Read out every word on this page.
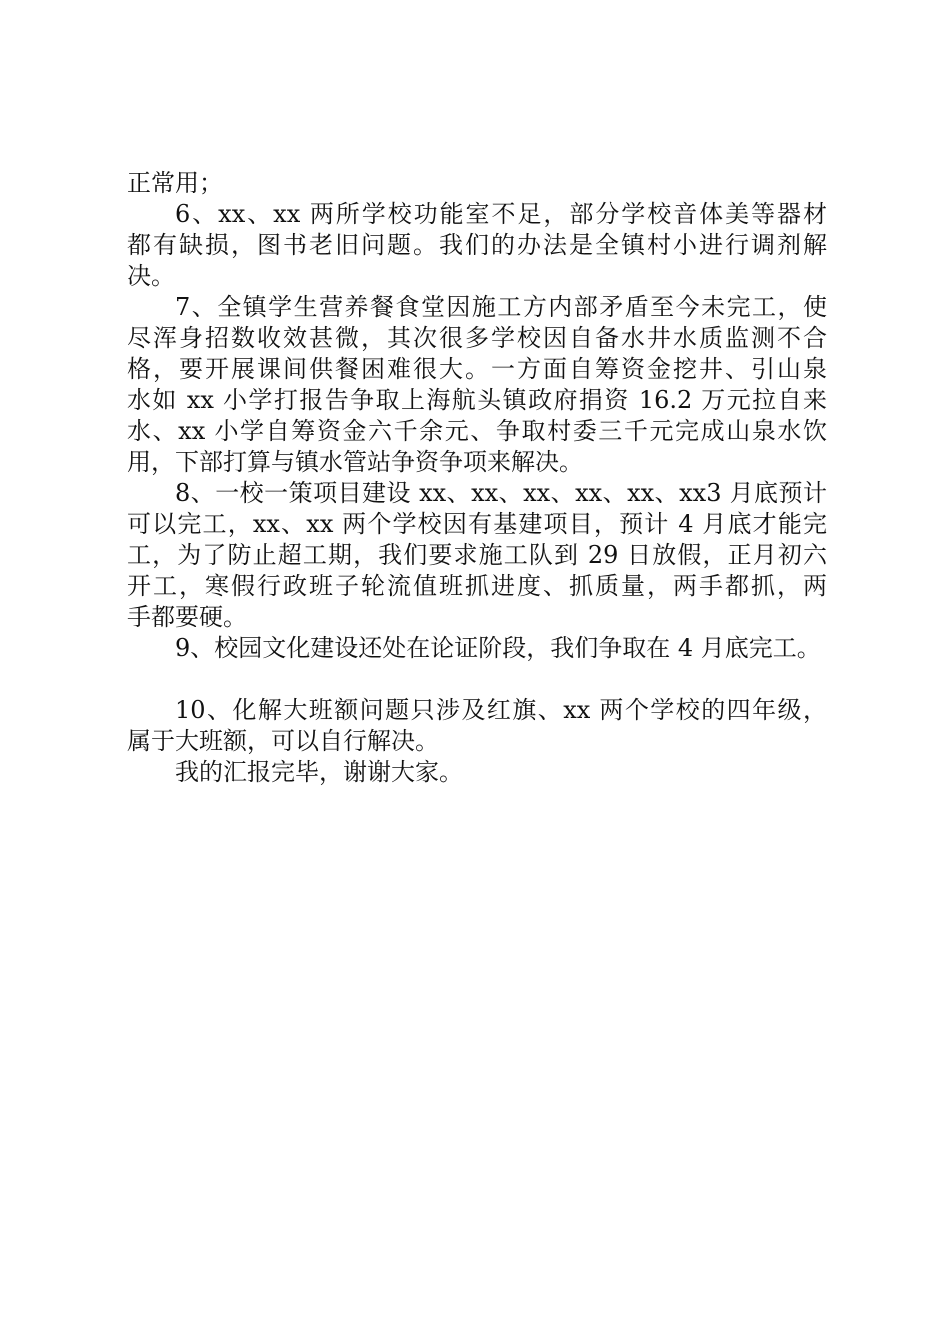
正常用；
6、xx、xx 两所学校功能室不足，部分学校音体美等器材
都有缺损，图书老旧问题。我们的办法是全镇村小进行调剂解
决。
7、全镇学生营养餐食堂因施工方内部矛盾至今未完工，使
尽浑身招数收效甚微，其次很多学校因自备水井水质监测不合
格，要开展课间供餐困难很大。一方面自筹资金挖井、引山泉
水如 xx 小学打报告争取上海航头镇政府捐资 16.2 万元拉自来
水、xx 小学自筹资金六千余元、争取村委三千元完成山泉水饮
用，下部打算与镇水管站争资争项来解决。
8、一校一策项目建设 xx、xx、xx、xx、xx、xx3 月底预计
可以完工，xx、xx 两个学校因有基建项目，预计 4 月底才能完
工，为了防止超工期，我们要求施工队到 29 日放假，正月初六
开工，寒假行政班子轮流值班抓进度、抓质量，两手都抓，两
手都要硬。
9、校园文化建设还处在论证阶段，我们争取在 4 月底完工。
10、化解大班额问题只涉及红旗、xx 两个学校的四年级，
属于大班额，可以自行解决。
我的汇报完毕，谢谢大家。
